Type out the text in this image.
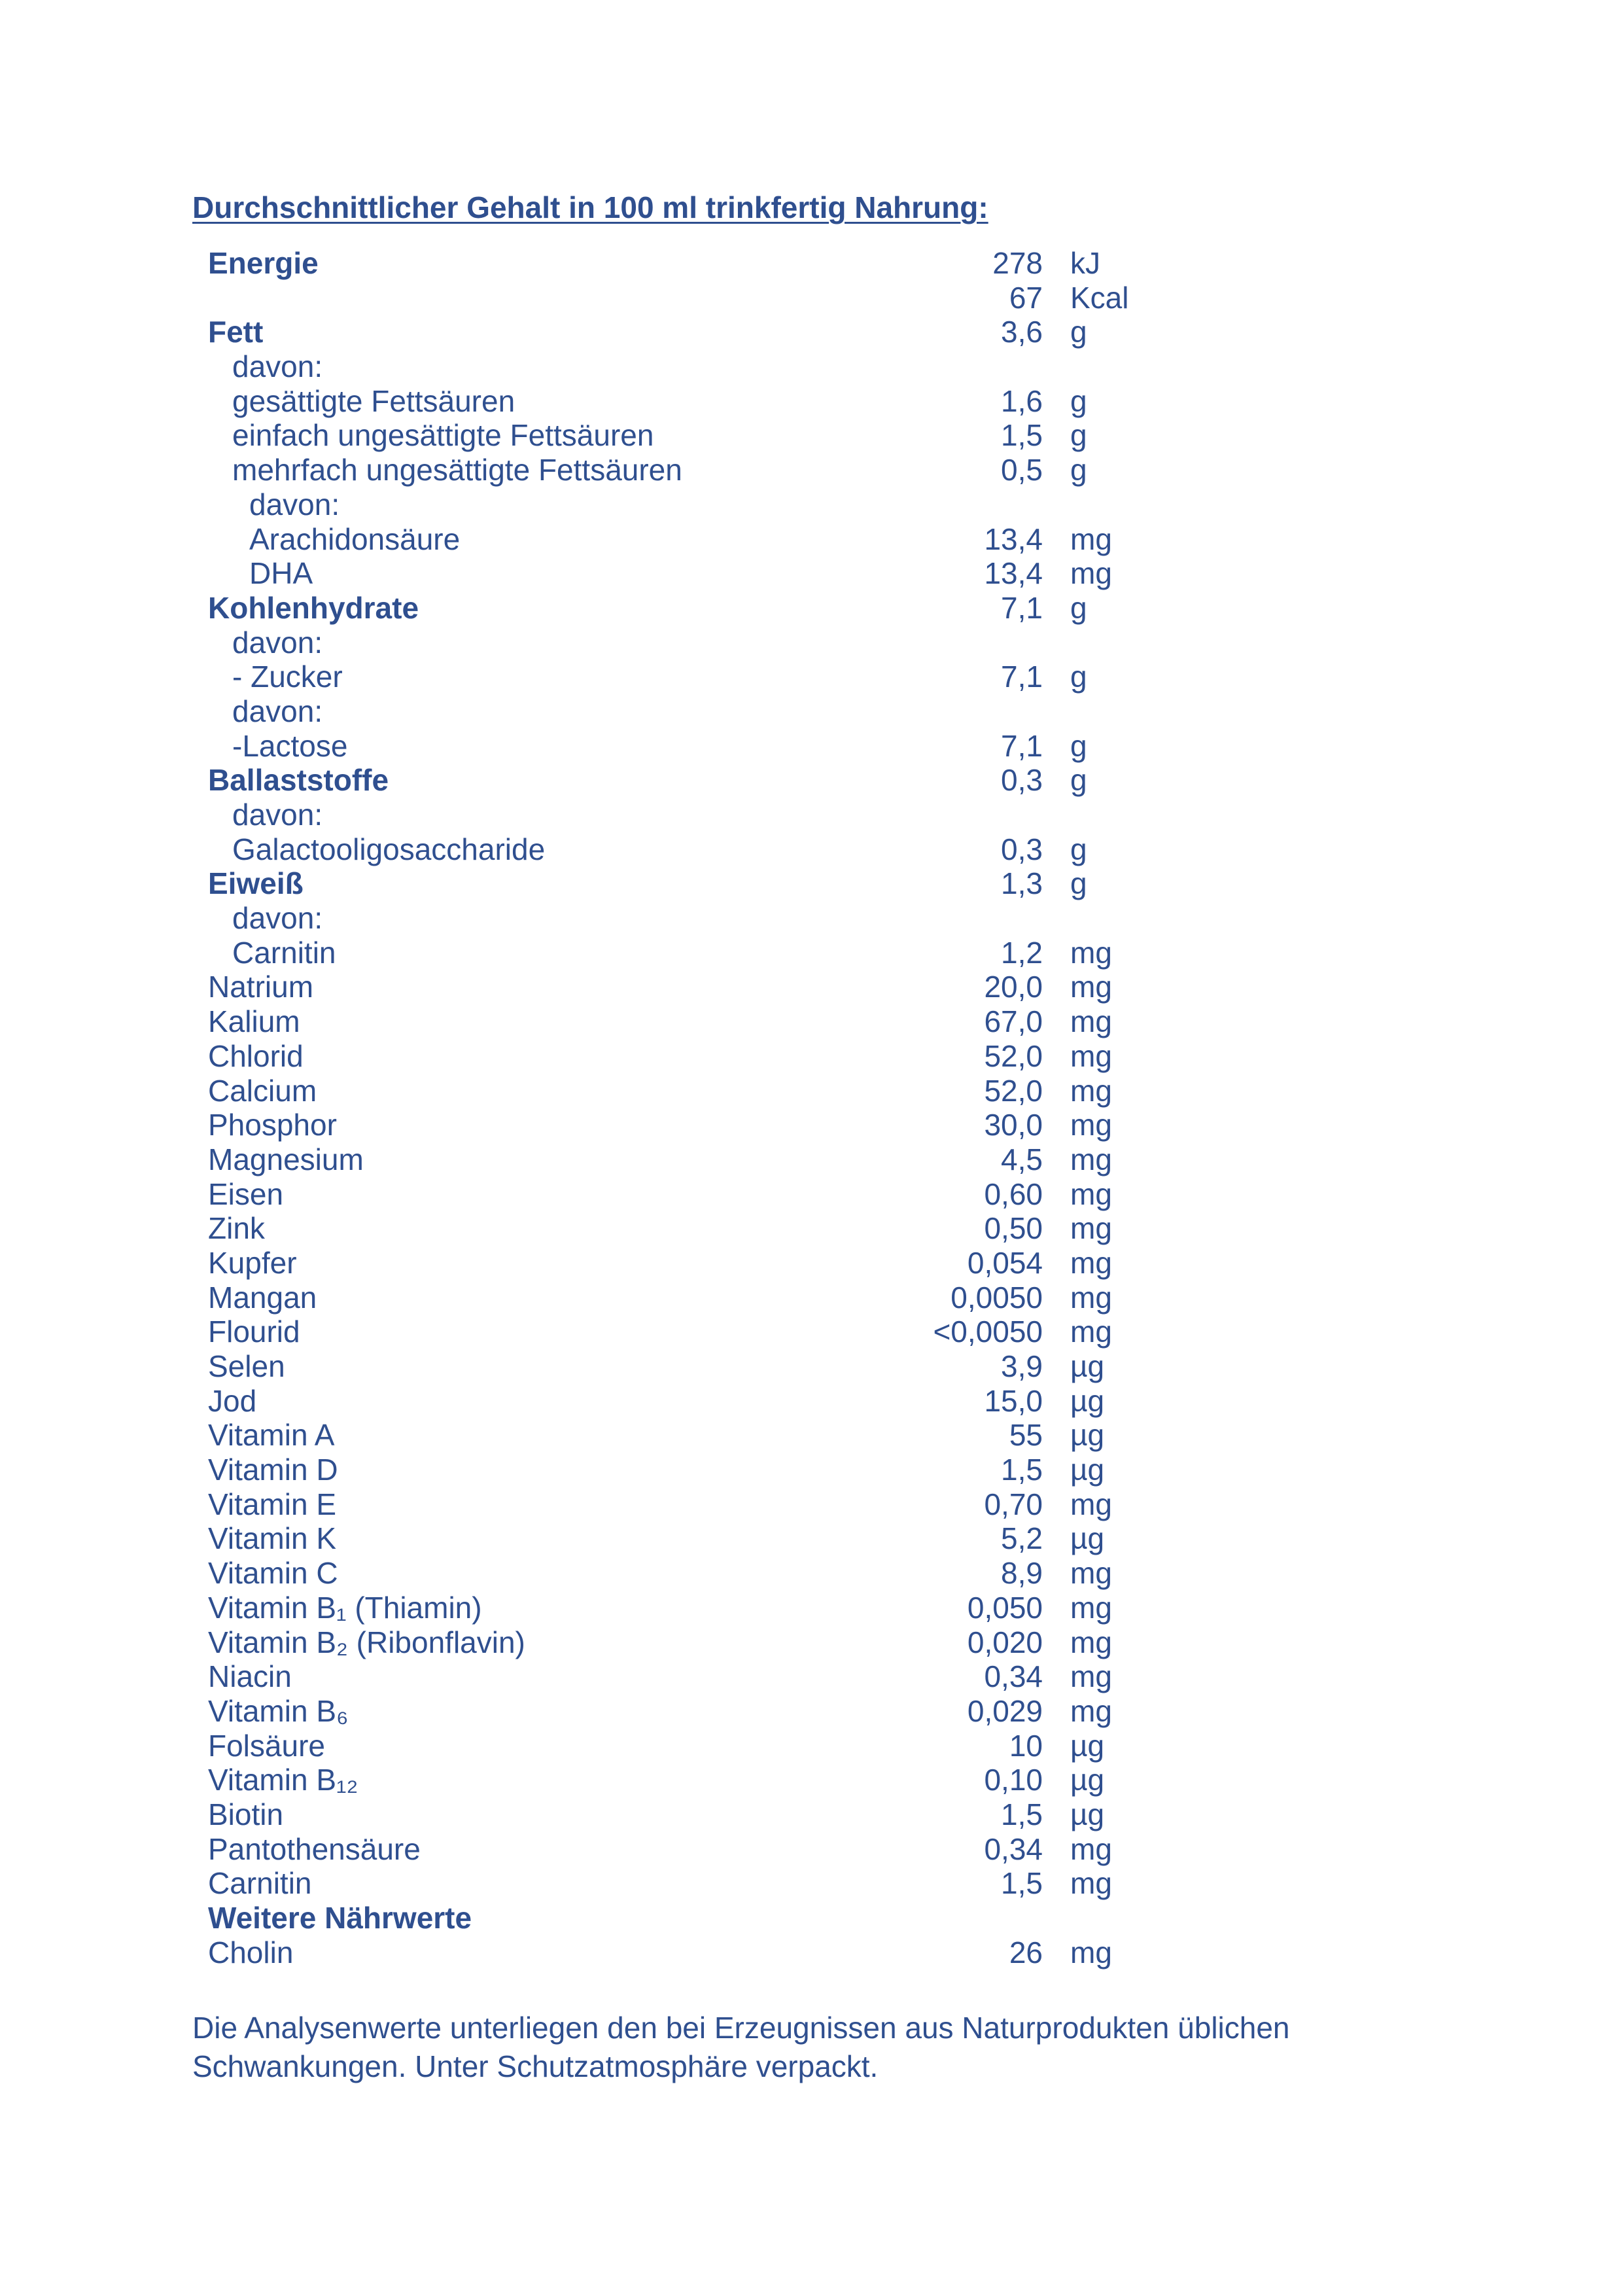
Durchschnittlicher Gehalt in 100 ml trinkfertig Nahrung:
Energie	278 kJ
67 Kcal
Fett	3,6 g
davon:
gesättigte Fettsäuren	1,6 g
einfach ungesättigte Fettsäuren	1,5 g
mehrfach ungesättigte Fettsäuren	0,5 g
davon:
Arachidonsäure	13,4 mg
DHA	13,4 mg
Kohlenhydrate	7,1 g
davon:
- Zucker	7,1 g
davon:
-Lactose	7,1 g
Ballaststoffe	0,3 g
davon:
Galactooligosaccharide	0,3 g
Eiweiß	1,3 g
davon:
Carnitin	1,2 mg
Natrium	20,0 mg
Kalium	67,0 mg
Chlorid	52,0 mg
Calcium	52,0 mg
Phosphor	30,0 mg
Magnesium	4,5 mg
Eisen	0,60 mg
Zink	0,50 mg
Kupfer	0,054 mg
Mangan	0,0050 mg
Flourid	<0,0050 mg
Selen	3,9 µg
Jod	15,0 µg
Vitamin A	55 µg
Vitamin D	1,5 µg
Vitamin E	0,70 mg
Vitamin K	5,2 µg
Vitamin C	8,9 mg
Vitamin B₁ (Thiamin)	0,050 mg
Vitamin B₂ (Ribonflavin)	0,020 mg
Niacin	0,34 mg
Vitamin B₆	0,029 mg
Folsäure	10 µg
Vitamin B₁₂	0,10 µg
Biotin	1,5 µg
Pantothensäure	0,34 mg
Carnitin	1,5 mg
Weitere Nährwerte
Cholin	26 mg
Die Analysenwerte unterliegen den bei Erzeugnissen aus Naturprodukten üblichen Schwankungen. Unter Schutzatmosphäre verpackt.
